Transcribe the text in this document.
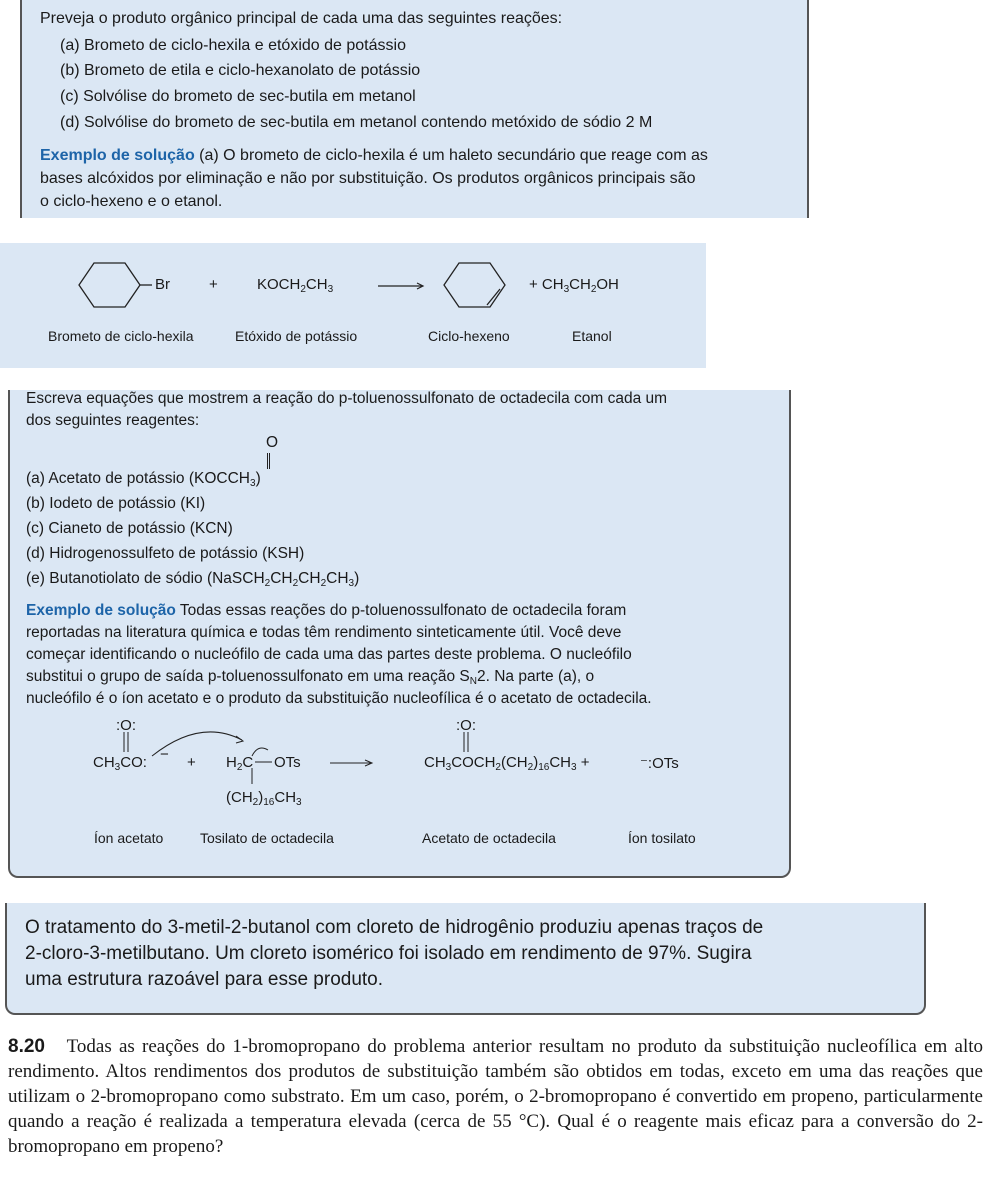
Preveja o produto orgânico principal de cada uma das seguintes reações:
(a) Brometo de ciclo-hexila e etóxido de potássio
(b) Brometo de etila e ciclo-hexanolato de potássio
(c) Solvólise do brometo de sec-butila em metanol
(d) Solvólise do brometo de sec-butila em metanol contendo metóxido de sódio 2 M
Exemplo de solução (a) O brometo de ciclo-hexila é um haleto secundário que reage com as
bases alcóxidos por eliminação e não por substituição. Os produtos orgânicos principais são
o ciclo-hexeno e o etanol.
Br	+	$KOCH_2CH_3$	+ $CH_3CH_2OH$
Brometo de ciclo-hexila	Etóxido de potássio	Ciclo-hexeno	Etanol
Escreva equações que mostrem a reação do p-toluenossulfonato de octadecila com cada um
dos seguintes reagentes:
O
(a) Acetato de potássio $(KOCCH_3)$
(b) Iodeto de potássio (KI)
(c) Cianeto de potássio (KCN)
(d) Hidrogenossulfeto de potássio (KSH)
(e) Butanotiolato de sódio $(NaSCH_2CH_2CH_2CH_3)$
Exemplo de solução Todas essas reações do p-toluenossulfonato de octadecila foram
reportadas na literatura química e todas têm rendimento sinteticamente útil. Você deve
começar identificando o nucleófilo de cada uma das partes deste problema. O nucleófilo
substitui o grupo de saída p-toluenossulfonato em uma reação $S_N2$. Na parte (a), o
nucleófilo é o íon acetato e o produto da substituição nucleofílica é o acetato de octadecila.
:O:
$CH_3CO$: − + $H_2C$ OTs
$(CH_2)_{16}CH_3$
:O:
$CH_3COCH_2(CH_2)_{16}CH_3$ +	⁻:OTs
Íon acetato	Tosilato de octadecila	Acetato de octadecila	Íon tosilato
O tratamento do 3-metil-2-butanol com cloreto de hidrogênio produziu apenas traços de
2-cloro-3-metilbutano. Um cloreto isomérico foi isolado em rendimento de 97%. Sugira
uma estrutura razoável para esse produto.
8.20 Todas as reações do 1-bromopropano do problema anterior resultam no produto da substituição nucleofílica em alto rendimento. Altos rendimentos dos produtos de substituição também são obtidos em todas, exceto em uma das reações que utilizam o 2-bromopropano como substrato. Em um caso, porém, o 2-bromopropano é convertido em propeno, particularmente quando a reação é realizada a temperatura elevada (cerca de 55 °C). Qual é o reagente mais eficaz para a conversão do 2-bromopropano em propeno?
